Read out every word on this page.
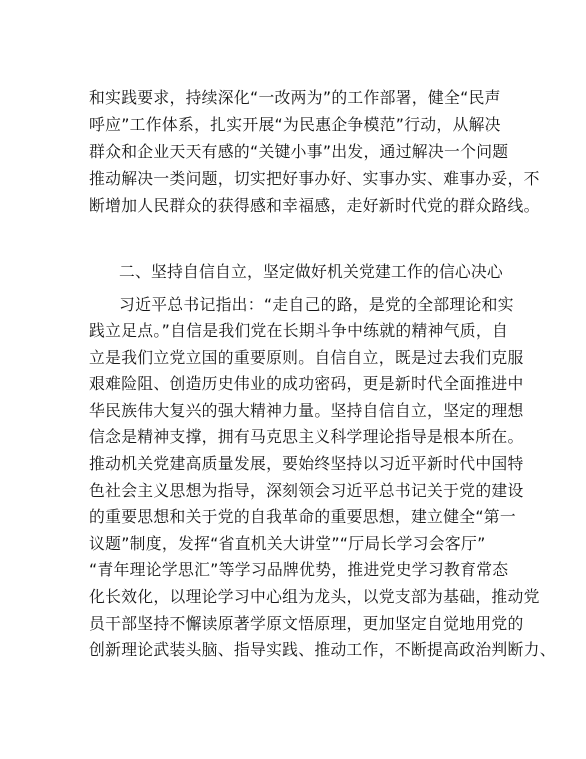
和实践要求，持续深化“一改两为”的工作部署，健全“民声
呼应”工作体系，扎实开展“为民惠企争模范”行动，从解决
群众和企业天天有感的“关键小事”出发，通过解决一个问题
推动解决一类问题，切实把好事办好、实事办实、难事办妥，不
断增加人民群众的获得感和幸福感，走好新时代党的群众路线。
二、坚持自信自立，坚定做好机关党建工作的信心决心
习近平总书记指出：“走自己的路，是党的全部理论和实
践立足点。”自信是我们党在长期斗争中练就的精神气质，自
立是我们立党立国的重要原则。自信自立，既是过去我们克服
艰难险阻、创造历史伟业的成功密码，更是新时代全面推进中
华民族伟大复兴的强大精神力量。坚持自信自立，坚定的理想
信念是精神支撑，拥有马克思主义科学理论指导是根本所在。
推动机关党建高质量发展，要始终坚持以习近平新时代中国特
色社会主义思想为指导，深刻领会习近平总书记关于党的建设
的重要思想和关于党的自我革命的重要思想，建立健全“第一
议题”制度，发挥“省直机关大讲堂”“厅局长学习会客厅”
“青年理论学思汇”等学习品牌优势，推进党史学习教育常态
化长效化，以理论学习中心组为龙头，以党支部为基础，推动党
员干部坚持不懈读原著学原文悟原理，更加坚定自觉地用党的
创新理论武装头脑、指导实践、推动工作，不断提高政治判断力、
